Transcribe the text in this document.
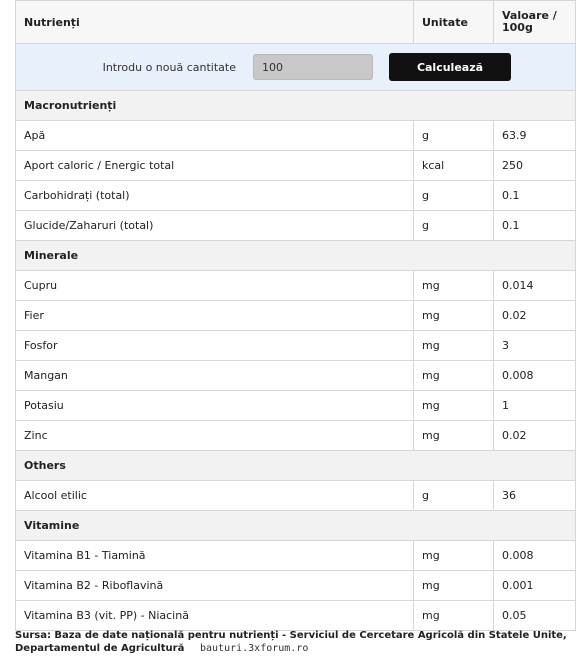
Nutrienți	Unitate	Valoare / 100g

Introdu o nouă cantitate
100 Calculează

Macronutrienți		
Apă	g	63.9
Aport caloric / Energic total	kcal	250
Carbohidrați (total)	g	0.1
Glucide/Zaharuri (total)	g	0.1
Minerale		
Cupru	mg	0.014
Fier	mg	0.02
Fosfor	mg	3
Mangan	mg	0.008
Potasiu	mg	1
Zinc	mg	0.02
Others		
Alcool etilic	g	36
Vitamine		
Vitamina B1 - Tiamină	mg	0.008
Vitamina B2 - Riboflavină	mg	0.001
Vitamina B3 (vit. PP) - Niacină	mg	0.05
Sursa: Baza de date națională pentru nutrienți - Serviciul de Cercetare Agricolă din Statele Unite, Departamentul de Agricultură	bauturi.3xforum.ro
